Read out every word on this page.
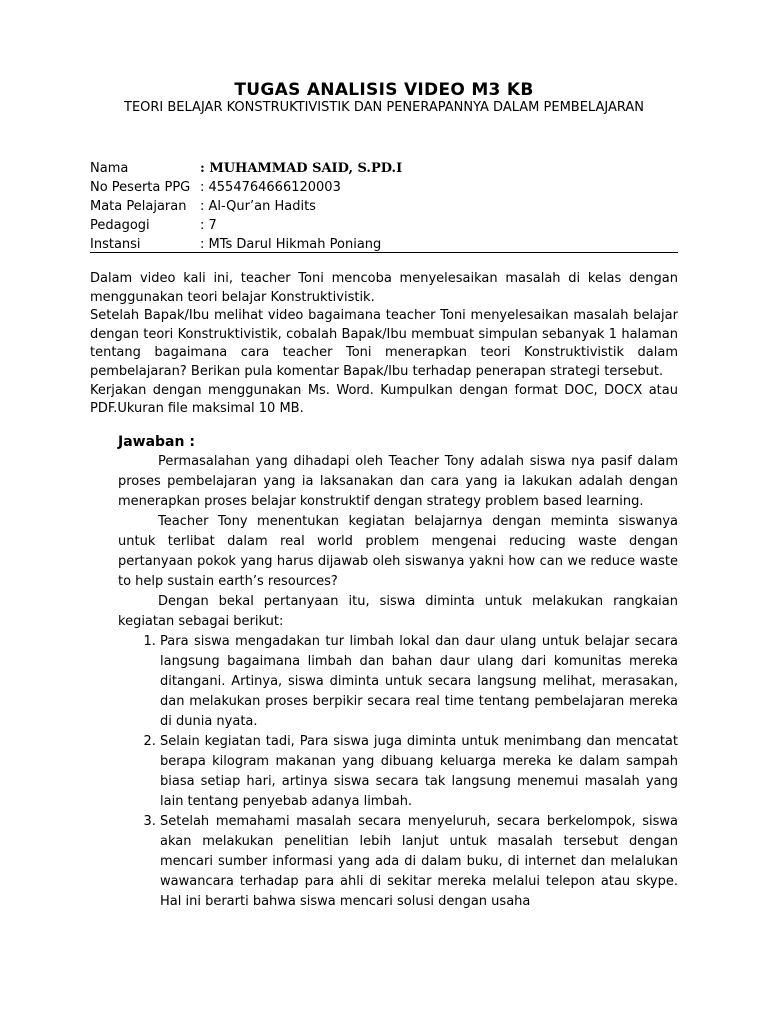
TUGAS ANALISIS VIDEO M3 KB
TEORI BELAJAR KONSTRUKTIVISTIK DAN PENERAPANNYA DALAM PEMBELAJARAN
Nama	: MUHAMMAD SAID, S.PD.I
No Peserta PPG : 4554764666120003
Mata Pelajaran : Al-Qur’an Hadits
Pedagogi	: 7
Instansi	: MTs Darul Hikmah Poniang

Dalam video kali ini, teacher Toni mencoba menyelesaikan masalah di kelas dengan menggunakan teori belajar Konstruktivistik.

Setelah Bapak/Ibu melihat video bagaimana teacher Toni menyelesaikan masalah belajar dengan teori Konstruktivistik, cobalah Bapak/Ibu membuat simpulan sebanyak 1 halaman tentang bagaimana cara teacher Toni menerapkan teori Konstruktivistik dalam pembelajaran? Berikan pula komentar Bapak/Ibu terhadap penerapan strategi tersebut.

Kerjakan dengan menggunakan Ms. Word. Kumpulkan dengan format DOC, DOCX atau PDF.Ukuran file maksimal 10 MB.

Jawaban :

Permasalahan yang dihadapi oleh Teacher Tony adalah siswa nya pasif dalam proses pembelajaran yang ia laksanakan dan cara yang ia lakukan adalah dengan menerapkan proses belajar konstruktif dengan strategy problem based learning.

Teacher Tony menentukan kegiatan belajarnya dengan meminta siswanya untuk terlibat dalam real world problem mengenai reducing waste dengan pertanyaan pokok yang harus dijawab oleh siswanya yakni how can we reduce waste to help sustain earth’s resources?

Dengan bekal pertanyaan itu, siswa diminta untuk melakukan rangkaian kegiatan sebagai berikut:

1. Para siswa mengadakan tur limbah lokal dan daur ulang untuk belajar secara langsung bagaimana limbah dan bahan daur ulang dari komunitas mereka ditangani. Artinya, siswa diminta untuk secara langsung melihat, merasakan, dan melakukan proses berpikir secara real time tentang pembelajaran mereka di dunia nyata.
2. Selain kegiatan tadi, Para siswa juga diminta untuk menimbang dan mencatat berapa kilogram makanan yang dibuang keluarga mereka ke dalam sampah biasa setiap hari, artinya siswa secara tak langsung menemui masalah yang lain tentang penyebab adanya limbah.
3. Setelah memahami masalah secara menyeluruh, secara berkelompok, siswa akan melakukan penelitian lebih lanjut untuk masalah tersebut dengan mencari sumber informasi yang ada di dalam buku, di internet dan melalukan wawancara terhadap para ahli di sekitar mereka melalui telepon atau skype. Hal ini berarti bahwa siswa mencari solusi dengan usaha
